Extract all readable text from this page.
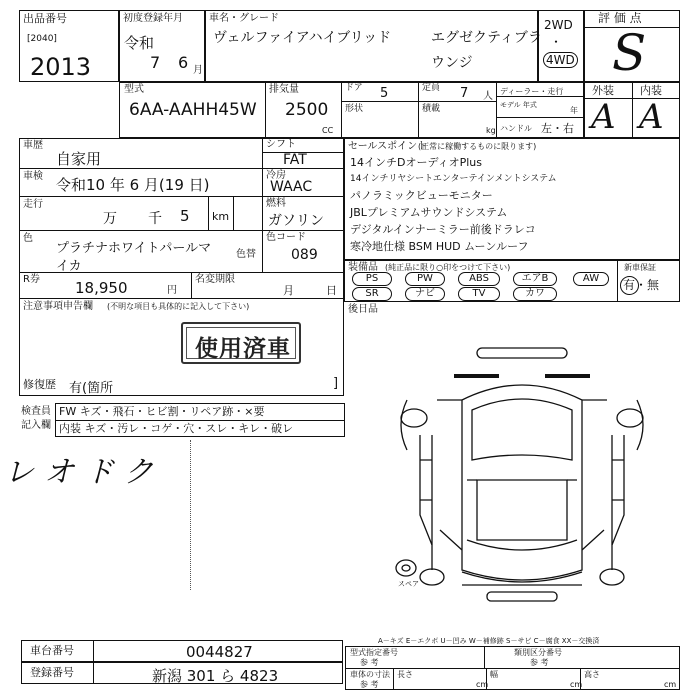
出品番号
[2040]
2013
初度登録年月
令和
7 6 月
車名・グレード
ヴェルファイアハイブリッド	エグゼクティブラ
ウンジ
2WD
・
4WD
評 価 点
S
外装 内装
A A
型式
6AA-AAHH45W
排気量
2500
CC
ドア 5
形状
定員 7 人
積載
kg
ディーラー・走行
モデル 年式
年
ハンドル 左・右
車歴
自家用
車検 令和10 年 6 月(19 日)
走行
万 千 5 km
色
プラチナホワイトパールマ
イカ
色替
R券 18,950	円
名変期限
月	日
注意事項申告欄 (不明な項目も具体的に記入して下さい)
修復歴 有(箇所	]
シフト
FAT
冷房
WAAC
燃料
ガソリン
色コード
089
使用済車
検査員
記入欄
FW キズ・飛石・ヒビ割・リペア跡・×要
内装 キズ・汚レ・コゲ・穴・スレ・キレ・破レ
レオドク
セールスポイント
(正常に稼働するものに限ります)
14インチDオーディオPlus
14インチリヤシートエンターテインメントシステム
パノラミックビューモニター
JBLプレミアムサウンドシステム
デジタルインナーミラー前後ドラレコ
寒冷地仕様 BSM HUD ムーンルーフ
装備品 (純正品に限り○印をつけて下さい)
PS	PW	ABS	エアB	AW
SR	ナビ	TV	カワ
新車保証
有・無
後日品
スペア
A－キズ E－エクボ U－凹み W－補修跡 S－サビ C－腐食 XX－交換済
車台番号	0044827
登録番号	新潟 301 ら 4823
型式指定番号
参 考
類別区分番号
参 考
車体の寸法
参 考
長さ
cm
幅
cm
高さ
cm
